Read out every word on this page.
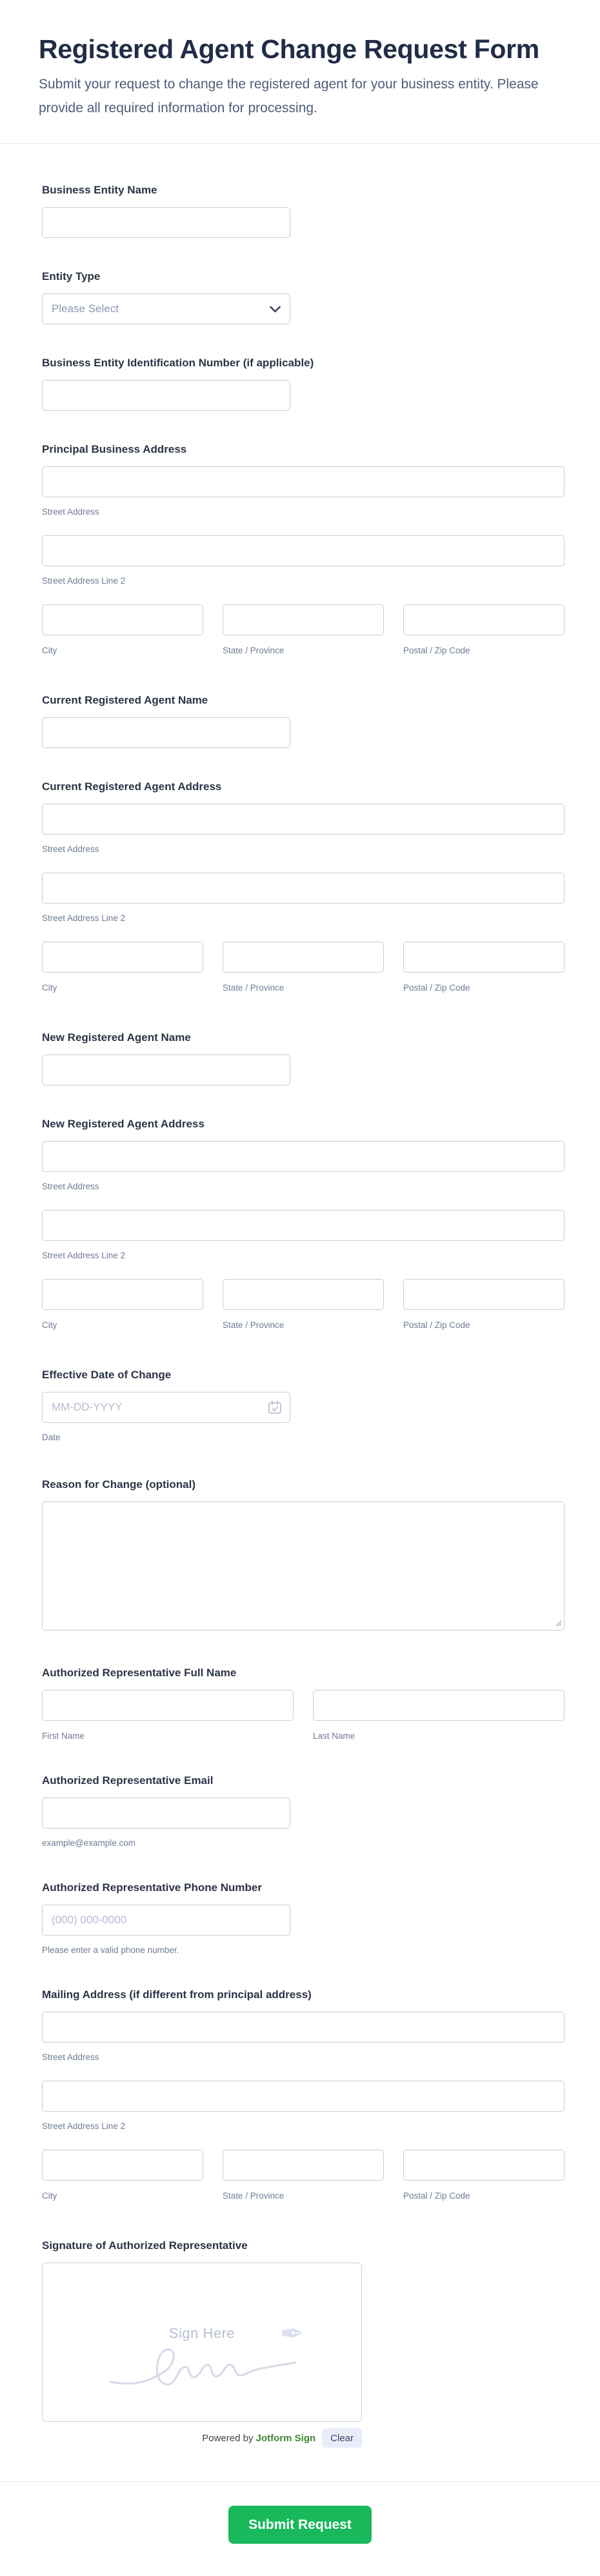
Registered Agent Change Request Form

Submit your request to change the registered agent for your business entity. Please provide all required information for processing.

Business Entity Name
Entity Type
Please Select
Business Entity Identification Number (if applicable)
Principal Business Address
Street Address
Street Address Line 2
City	State / Province	Postal / Zip Code
Current Registered Agent Name
Current Registered Agent Address
Street Address
Street Address Line 2
City	State / Province	Postal / Zip Code
New Registered Agent Name
New Registered Agent Address
Street Address
Street Address Line 2
City	State / Province	Postal / Zip Code
Effective Date of Change
MM-DD-YYYY
Date
Reason for Change (optional)
Authorized Representative Full Name
First Name	Last Name
Authorized Representative Email
example@example.com
Authorized Representative Phone Number
(000) 000-0000
Please enter a valid phone number.
Mailing Address (if different from principal address)
Street Address
Street Address Line 2
City	State / Province	Postal / Zip Code
Signature of Authorized Representative
Sign Here	✒
Powered by Jotform Sign	Clear
Submit Request
